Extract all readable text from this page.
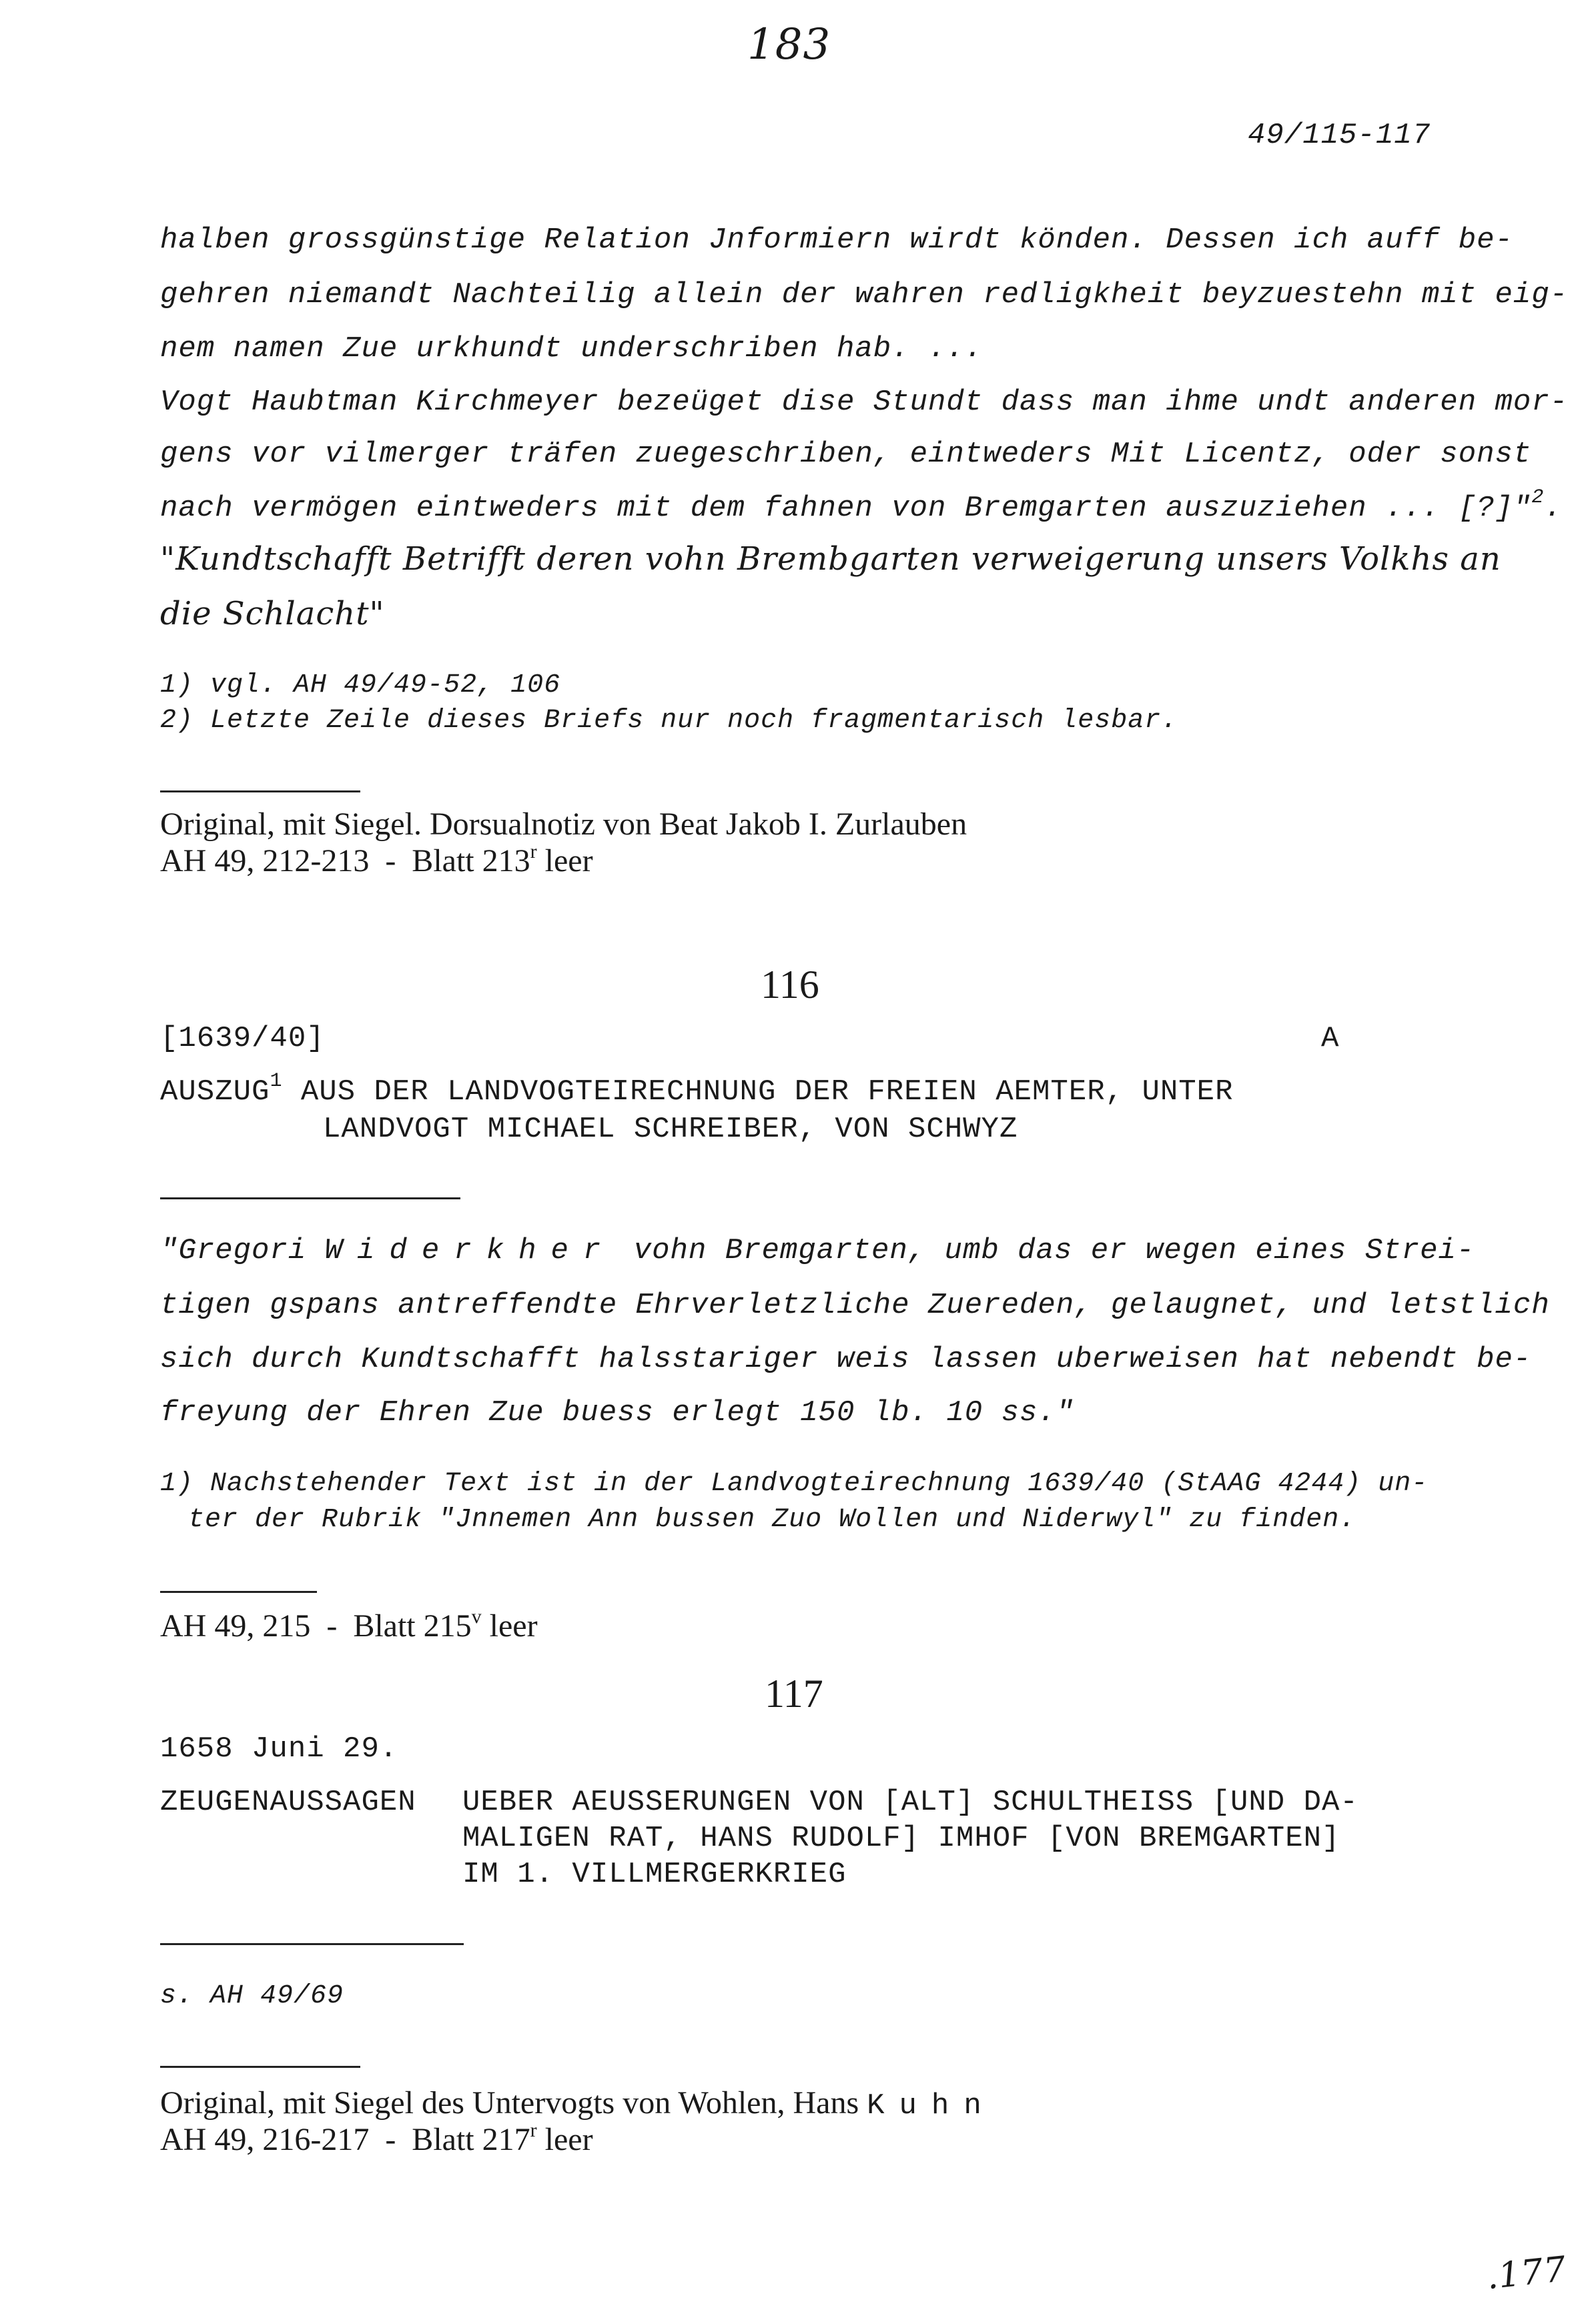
183
49/115-117
halben grossgünstige Relation Jnformiern wirdt könden. Dessen ich auff be-
gehren niemandt Nachteilig allein der wahren redligkheit beyzuestehn mit eig-
nem namen Zue urkhundt underschriben hab. ...
Vogt Haubtman Kirchmeyer bezeüget dise Stundt dass man ihme undt anderen mor-
gens vor vilmerger träfen zuegeschriben, eintweders Mit Licentz, oder sonst
nach vermögen eintweders mit dem fahnen von Bremgarten auszuziehen ... [?]"$^2$.
"Kundtschafft Betrifft deren vohn Brembgarten verweigerung unsers Volkhs an
die Schlacht"
1) vgl. AH 49/49-52, 106
2) Letzte Zeile dieses Briefs nur noch fragmentarisch lesbar.
Original, mit Siegel. Dorsualnotiz von Beat Jakob I. Zurlauben
AH 49, 212-213  -  Blatt 213$^r$ leer
116
[1639/40]	A
AUSZUG$^1$ AUS DER LANDVOGTEIRECHNUNG DER FREIEN AEMTER, UNTER
LANDVOGT MICHAEL SCHREIBER, VON SCHWYZ
"Gregori Widerkher vohn Bremgarten, umb das er wegen eines Strei-
tigen gspans antreffendte Ehrverletzliche Zuereden, gelaugnet, und letstlich
sich durch Kundtschafft halsstariger weis lassen uberweisen hat nebendt be-
freyung der Ehren Zue buess erlegt 150 lb. 10 ss."
1) Nachstehender Text ist in der Landvogteirechnung 1639/40 (StAAG 4244) un-
ter der Rubrik "Jnnemen Ann bussen Zuo Wollen und Niderwyl" zu finden.
AH 49, 215  -  Blatt 215$^v$ leer
117
1658 Juni 29.
ZEUGENAUSSAGEN UEBER AEUSSERUNGEN VON [ALT] SCHULTHEISS [UND DA-
MALIGEN RAT, HANS RUDOLF] IMHOF [VON BREMGARTEN]
IM 1. VILLMERGERKRIEG
s. AH 49/69
Original, mit Siegel des Untervogts von Wohlen, Hans Kuhn
AH 49, 216-217  -  Blatt 217$^r$ leer
.177
